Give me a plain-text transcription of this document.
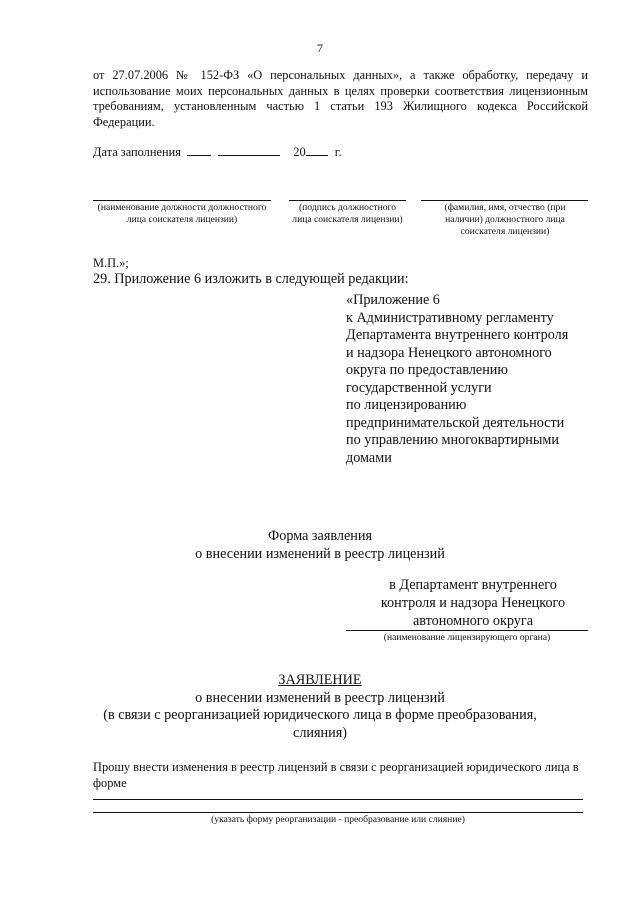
7
от 27.07.2006 № 152-ФЗ «О персональных данных», а также обработку, передачу и использование моих персональных данных в целях проверки соответствия лицензионным требованиям, установленным частью 1 статьи 193 Жилищного кодекса Российской Федерации.
Дата заполнения	20 г.
(наименование должности должностного лица соискателя лицензии)
(подпись должностного лица соискателя лицензии)
(фамилия, имя, отчество (при наличии) должностного лица соискателя лицензии)
М.П.»;
29. Приложение 6 изложить в следующей редакции:
«Приложение 6
к Административному регламенту
Департамента внутреннего контроля
и надзора Ненецкого автономного
округа по предоставлению
государственной услуги
по лицензированию
предпринимательской деятельности
по управлению многоквартирными
домами
Форма заявления
о внесении изменений в реестр лицензий
в Департамент внутреннего
контроля и надзора Ненецкого
автономного округа
(наименование лицензирующего органа)
ЗАЯВЛЕНИЕ
о внесении изменений в реестр лицензий
(в связи с реорганизацией юридического лица в форме преобразования,
слияния)
Прошу внести изменения в реестр лицензий в связи с реорганизацией юридического лица в форме
(указать форму реорганизации - преобразование или слияние)
